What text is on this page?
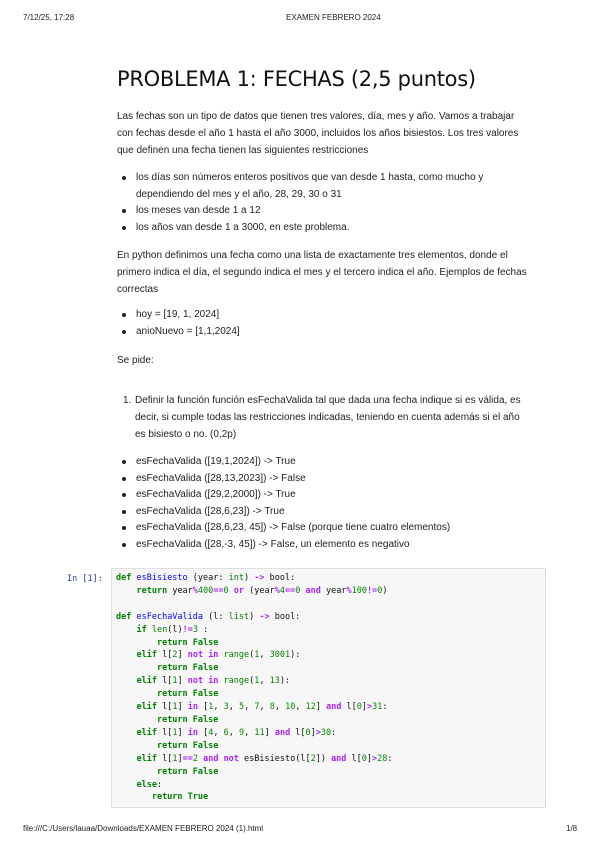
7/12/25, 17:28	EXAMEN FEBRERO 2024
PROBLEMA 1: FECHAS (2,5 puntos)

Las fechas son un tipo de datos que tienen tres valores, día, mes y año. Vamos a trabajar con fechas desde el año 1 hasta el año 3000, incluidos los años bisiestos. Los tres valores que definen una fecha tienen las siguientes restricciones

los días son números enteros positivos que van desde 1 hasta, como mucho y dependiendo del mes y el año, 28, 29, 30 o 31
los meses van desde 1 a 12
los años van desde 1 a 3000, en este problema.

En python definimos una fecha como una lista de exactamente tres elementos, donde el primero indica el día, el segundo indica el mes y el tercero indica el año. Ejemplos de fechas correctas

hoy = [19, 1, 2024]
anioNuevo = [1,1,2024]

Se pide:

1. Definir la función función esFechaValida tal que dada una fecha indique si es válida, es decir, si cumple todas las restricciones indicadas, teniendo en cuenta además si el año es bisiesto o no. (0,2p)
esFechaValida ([19,1,2024]) -> True
esFechaValida ([28,13,2023]) -> False
esFechaValida ([29,2,2000]) -> True
esFechaValida ([28,6,23]) -> True
esFechaValida ([28,6,23, 45]) -> False (porque tiene cuatro elementos)
esFechaValida ([28,-3, 45]) -> False, un elemento es negativo
In [1]: def esBisiesto (year: int) -> bool:
return year%400==0 or (year%4==0 and year%100!=0)

def esFechaValida (l: list) -> bool:
if len(l)!=3 :
return False
elif l[2] not in range(1, 3001):
return False
elif l[1] not in range(1, 13):
return False
elif l[1] in [1, 3, 5, 7, 8, 10, 12] and l[0]>31:
return False
elif l[1] in [4, 6, 9, 11] and l[0]>30:
return False
elif l[1]==2 and not esBisiesto(l[2]) and l[0]>28:
return False
else:
return True
file:///C:/Users/lauaa/Downloads/EXAMEN FEBRERO 2024 (1).html	1/8
